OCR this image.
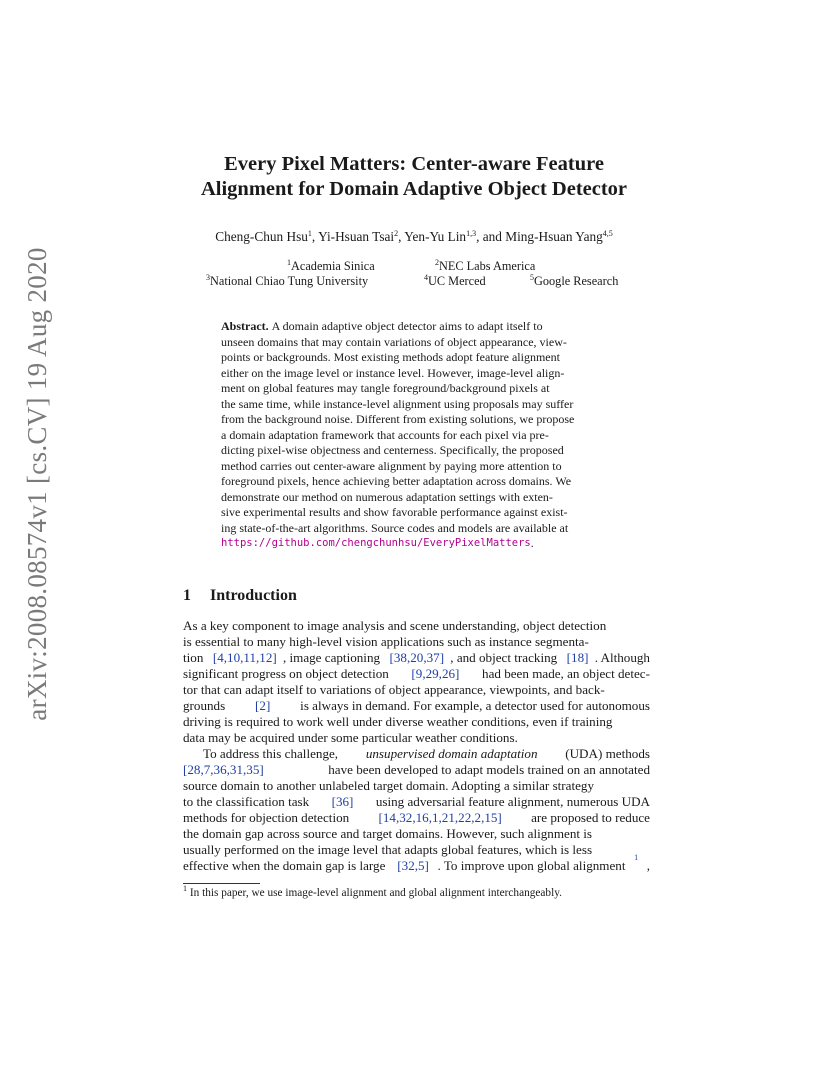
arXiv:2008.08574v1 [cs.CV] 19 Aug 2020
Every Pixel Matters: Center-aware Feature
Alignment for Domain Adaptive Object Detector
Cheng-Chun Hsu$^1$, Yi-Hsuan Tsai$^2$, Yen-Yu Lin$^{1,3}$, and Ming-Hsuan Yang$^{4,5}$
$^1$Academia Sinica	$^2$NEC Labs America
$^3$National Chiao Tung University	$^4$UC Merced	$^5$Google Research
Abstract.
A domain adaptive object detector aims to adapt itself to
unseen domains that may contain variations of object appearance, view-
points or backgrounds. Most existing methods adopt feature alignment
either on the image level or instance level. However, image-level align-
ment on global features may tangle foreground/background pixels at
the same time, while instance-level alignment using proposals may suffer
from the background noise. Different from existing solutions, we propose
a domain adaptation framework that accounts for each pixel via pre-
dicting pixel-wise objectness and centerness. Specifically, the proposed
method carries out center-aware alignment by paying more attention to
foreground pixels, hence achieving better adaptation across domains. We
demonstrate our method on numerous adaptation settings with exten-
sive experimental results and show favorable performance against exist-
ing state-of-the-art algorithms. Source codes and models are available at
https://github.com/chengchunhsu/EveryPixelMatters .
1 Introduction
As a key component to image analysis and scene understanding, object detection
is essential to many high-level vision applications such as instance segmenta-
tion [4,10,11,12] , image captioning [38,20,37] , and object tracking [18] . Although
significant progress on object detection [9,29,26] had been made, an object detec-
tor that can adapt itself to variations of object appearance, viewpoints, and back-
grounds [2] is always in demand. For example, a detector used for autonomous
driving is required to work well under diverse weather conditions, even if training
data may be acquired under some particular weather conditions.
To address this challenge, unsupervised domain adaptation (UDA) methods
[28,7,36,31,35]	have been developed to adapt models trained on an annotated
source domain to another unlabeled target domain. Adopting a similar strategy
to the classification task [36] using adversarial feature alignment, numerous UDA
methods for objection detection [14,32,16,1,21,22,2,15] are proposed to reduce
the domain gap across source and target domains. However, such alignment is
usually performed on the image level that adapts global features, which is less
effective when the domain gap is large [32,5] . To improve upon global alignment
1
,
$^1$ In this paper, we use image-level alignment and global alignment interchangeably.
